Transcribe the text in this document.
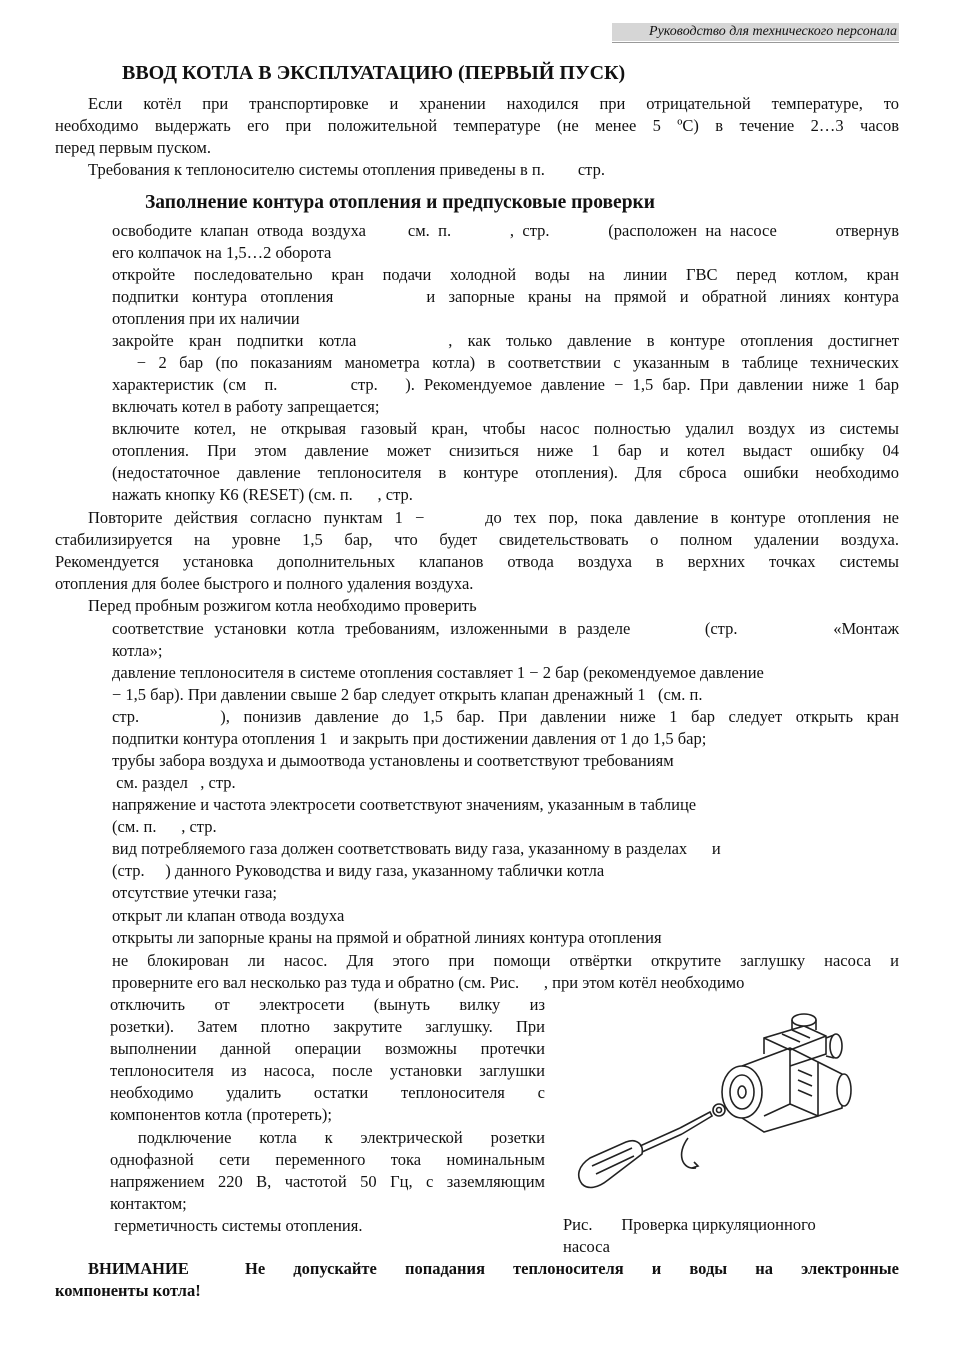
Руководство для технического персонала
ВВОД КОТЛА В ЭКСПЛУАТАЦИЮ (ПЕРВЫЙ ПУСК)
Если котёл при транспортировке и хранении находился при отрицательной температуре, то
необходимо выдержать его при положительной температуре (не менее 5 ºС) в течение 2…3 часов
перед первым пуском.
Требования к теплоносителю системы отопления приведены в п.        стр.
Заполнение контура отопления и предпусковые проверки
освободите клапан отвода воздуха     см. п.       , стр.       (расположен на насосе       отвернув
его колпачок на 1,5…2 оборота
откройте последовательно кран подачи холодной воды на линии ГВС перед котлом, кран
подпитки контура отопления       и запорные краны на прямой и обратной линиях контура
отопления при их наличии
закройте кран подпитки котла      , как только давление в контуре отопления достигнет
− 2 бар (по показаниям манометра котла) в соответствии с указанным в таблице технических
характеристик (см  п.        стр.   ). Рекомендуемое давление − 1,5 бар. При давлении ниже 1 бар
включать котел в работу запрещается;
включите котел, не открывая газовый кран, чтобы насос полностью удалил воздух из системы
отопления. При этом давление может снизиться ниже 1 бар и котел выдаст ошибку 04
(недостаточное давление теплоносителя в контуре отопления). Для сброса ошибки необходимо
нажать кнопку К6 (RESET) (см. п.      , стр.
Повторите действия согласно пунктам 1 −     до тех пор, пока давление в контуре отопления не
стабилизируется на уровне 1,5 бар, что будет свидетельствовать о полном удалении воздуха.
Рекомендуется установка дополнительных клапанов отвода воздуха в верхних точках системы
отопления для более быстрого и полного удаления воздуха.
Перед пробным розжигом котла необходимо проверить
соответствие установки котла требованиям, изложенными в разделе       (стр.         «Монтаж
котла»;
давление теплоносителя в системе отопления составляет 1 − 2 бар (рекомендуемое давление
− 1,5 бар). При давлении свыше 2 бар следует открыть клапан дренажный 1   (см. п.
стр.      ), понизив давление до 1,5 бар. При давлении ниже 1 бар следует открыть кран
подпитки контура отопления 1   и закрыть при достижении давления от 1 до 1,5 бар;
трубы забора воздуха и дымоотвода установлены и соответствуют требованиям
см. раздел   , стр.
напряжение и частота электросети соответствуют значениям, указанным в таблице
(см. п.      , стр.
вид потребляемого газа должен соответствовать виду газа, указанному в разделах      и
(стр.     ) данного Руководства и виду газа, указанному таблички котла
отсутствие утечки газа;
открыт ли клапан отвода воздуха
открыты ли запорные краны на прямой и обратной линиях контура отопления
не блокирован ли насос. Для этого при помощи отвёртки открутите заглушку насоса и
проверните его вал несколько раз туда и обратно (см. Рис.      , при этом котёл необходимо
отключить от электросети (вынуть вилку из
розетки). Затем плотно закрутите заглушку. При
выполнении данной операции возможны протечки
теплоносителя из насоса, после установки заглушки
необходимо удалить остатки теплоносителя с
компонентов котла (протереть);
подключение котла к электрической розетки
однофазной сети переменного тока номинальным
напряжением 220 В, частотой 50 Гц, с заземляющим
контактом;
герметичность системы отопления.	Рис.       Проверка циркуляционного
насоса
ВНИМАНИЕ  Не допускайте попадания теплоносителя и воды на электронные
компоненты котла!
